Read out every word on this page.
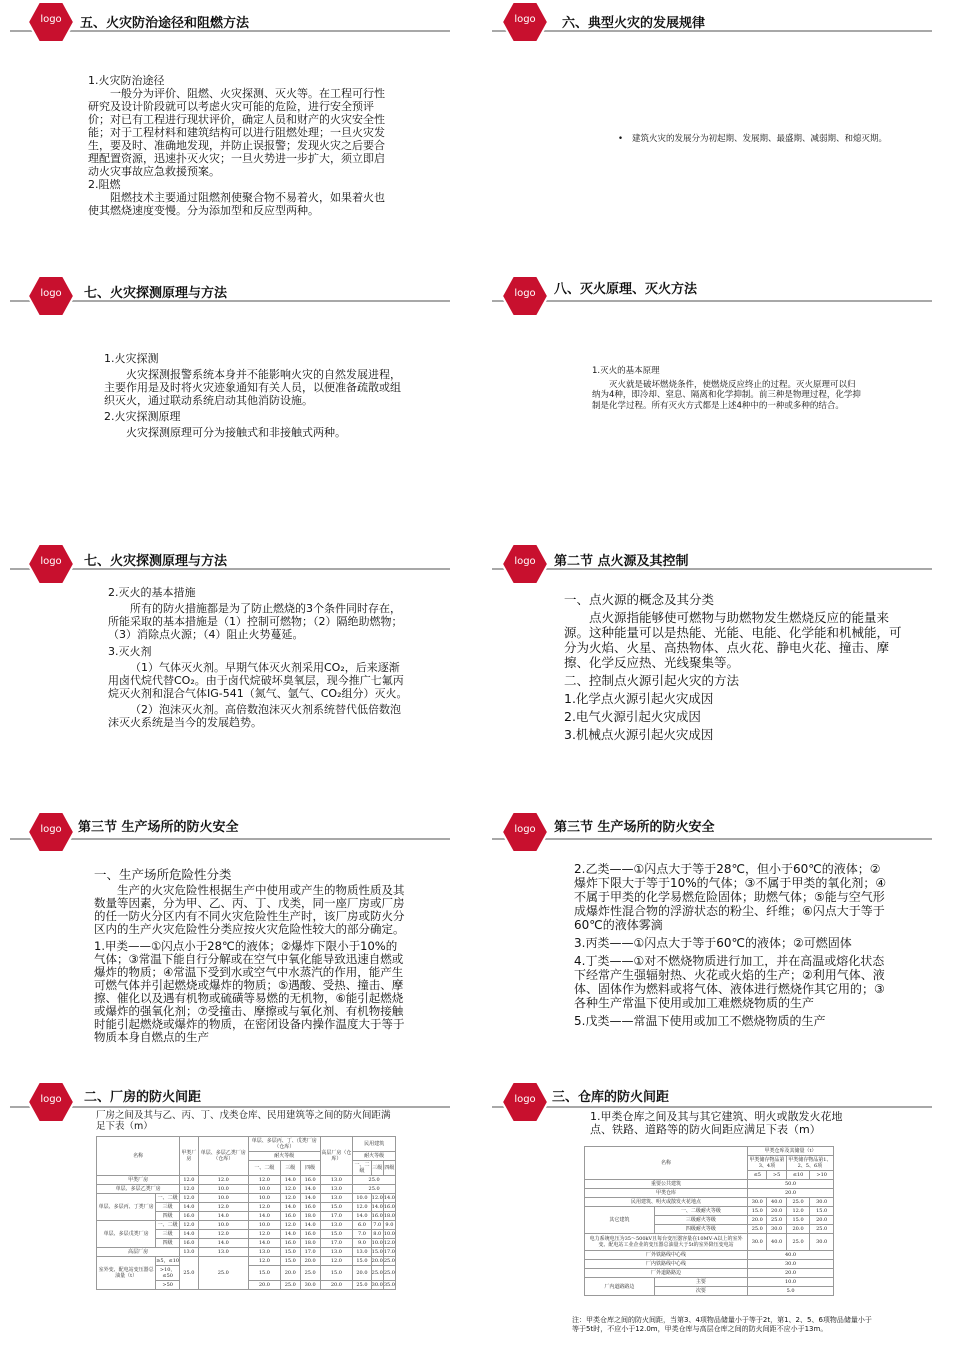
五、火灾防治途径和阻燃方法
logo

1.火灾防治途径

一般分为评价、阻燃、火灾探测、灭火等。在工程可行性研究及设计阶段就可以考虑火灾可能的危险，进行安全预评价；对已有工程进行现状评价，确定人员和财产的火灾安全性能；对于工程材料和建筑结构可以进行阻燃处理；一旦火灾发生，要及时、准确地发现，并防止误报警；发现火灾之后要合理配置资源，迅速扑灭火灾；一旦火势进一步扩大，须立即启动火灾事故应急救援预案。

2.阻燃

阻燃技术主要通过阻燃剂使聚合物不易着火，如果着火也使其燃烧速度变慢。分为添加型和反应型两种。

六、典型火灾的发展规律
logo
• 建筑火灾的发展分为初起期、发展期、最盛期、减弱期、和熄灭期。

七、火灾探测原理与方法
logo

1.火灾探测

火灾探测报警系统本身并不能影响火灾的自然发展进程，主要作用是及时将火灾迹象通知有关人员，以便准备疏散或组织灭火，通过联动系统启动其他消防设施。

2.火灾探测原理

火灾探测原理可分为接触式和非接触式两种。

八、灭火原理、灭火方法
logo

1.灭火的基本原理

灭火就是破坏燃烧条件，使燃烧反应终止的过程。灭火原理可以归纳为4种，即冷却、窒息、隔离和化学抑制。前三种是物理过程，化学抑制是化学过程。所有灭火方式都是上述4种中的一种或多种的结合。

七、火灾探测原理与方法
logo

2.灭火的基本措施

所有的防火措施都是为了防止燃烧的3个条件同时存在，所能采取的基本措施是（1）控制可燃物；（2）隔绝助燃物；（3）消除点火源；（4）阻止火势蔓延。

3.灭火剂

（1）气体灭火剂。早期气体灭火剂采用CO₂，后来逐渐用卤代烷代替CO₂。由于卤代烷破坏臭氧层，现今推广七氟丙烷灭火剂和混合气体IG-541（氮气、氩气、CO₂组分）灭火。

（2）泡沫灭火剂。高倍数泡沫灭火剂系统替代低倍数泡沫灭火系统是当今的发展趋势。

第二节 点火源及其控制
logo

一、点火源的概念及其分类

点火源指能够使可燃物与助燃物发生燃烧反应的能量来源。这种能量可以是热能、光能、电能、化学能和机械能，可分为火焰、火星、高热物体、点火花、静电火花、撞击、摩擦、化学反应热、光线聚集等。

二、控制点火源引起火灾的方法

1.化学点火源引起火灾成因

2.电气火源引起火灾成因

3.机械点火源引起火灾成因

第三节 生产场所的防火安全
logo

一、生产场所危险性分类

生产的火灾危险性根据生产中使用或产生的物质性质及其数量等因素，分为甲、乙、丙、丁、戊类，同一座厂房或厂房的任一防火分区内有不同火灾危险性生产时，该厂房或防火分区内的生产火灾危险性分类应按火灾危险性较大的部分确定。

1.甲类——①闪点小于28℃的液体；②爆炸下限小于10%的气体；③常温下能自行分解或在空气中氧化能导致迅速自燃或爆炸的物质；④常温下受到水或空气中水蒸汽的作用，能产生可燃气体并引起燃烧或爆炸的物质；⑤遇酸、受热、撞击、摩擦、催化以及遇有机物或硫磺等易燃的无机物，⑥能引起燃烧或爆炸的强氧化剂；⑦受撞击、摩擦或与氧化剂、有机物接触时能引起燃烧或爆炸的物质，在密闭设备内操作温度大于等于物质本身自燃点的生产

第三节 生产场所的防火安全
logo

2.乙类——①闪点大于等于28℃，但小于60℃的液体；②爆炸下限大于等于10%的气体；③不属于甲类的氧化剂；④不属于甲类的化学易燃危险固体；助燃气体；⑤能与空气形成爆炸性混合物的浮游状态的粉尘、纤维；⑥闪点大于等于60℃的液体雾滴

3.丙类——①闪点大于等于60℃的液体；②可燃固体

4.丁类——①对不燃烧物质进行加工，并在高温或熔化状态下经常产生强辐射热、火花或火焰的生产；②利用气体、液体、固体作为燃料或将气体、液体进行燃烧作其它用的；③各种生产常温下使用或加工难燃烧物质的生产

5.戊类——常温下使用或加工不燃烧物质的生产

二、厂房的防火间距
logo
厂房之间及其与乙、丙、丁、戊类仓库、民用建筑等之间的防火间距满足下表（m）
名称		甲类厂房	单层、多层乙类厂房（仓库）	单层、多层丙、丁、戊类厂房（仓库）			高层厂房（仓库）	民用建筑		
				耐火等级				耐火等级		
				一、二级	三级	四级		一、二级	三级	四级
甲类厂房		12.0	12.0	12.0	14.0	16.0	13.0	25.0		
单层、多层乙类厂房		12.0	10.0	10.0	12.0	14.0	13.0	25.0		
单层、多层丙、丁类厂房	一、二级	12.0	10.0	10.0	12.0	14.0	13.0	10.0	12.0	14.0
	三级	14.0	12.0	12.0	14.0	16.0	15.0	12.0	14.0	16.0
	四级	16.0	14.0	14.0	16.0	18.0	17.0	14.0	16.0	18.0
单层、多层戊类厂房	一、二级	12.0	10.0	10.0	12.0	14.0	13.0	6.0	7.0	9.0
	三级	14.0	12.0	12.0	14.0	16.0	15.0	7.0	8.0	10.0
	四级	16.0	14.0	14.0	16.0	18.0	17.0	9.0	10.0	12.0
高层厂房		13.0	13.0	13.0	15.0	17.0	13.0	13.0	15.0	17.0
室外变、配电站变压器总油量（t）	≥5，≤10	25.0	25.0	12.0	15.0	20.0	12.0	15.0	20.0	25.0
	>10，≤50			15.0	20.0	25.0	15.0	20.0	25.0	25.0
	>50			20.0	25.0	30.0	20.0	25.0	30.0	35.0
三、仓库的防火间距
logo
1.甲类仓库之间及其与其它建筑、明火或散发火花地点、铁路、道路等的防火间距应满足下表（m）
名称		甲类仓库及其储量（t）			
		甲类储存物品第3、4项		甲类储存物品第1、2、5、6项	
		≤5	>5	≤10	>10
重要公共建筑		50.0			
甲类仓库		20.0			
民用建筑、明火或散发火花地点		30.0	40.0	25.0	30.0
其它建筑	一、二级耐火等级	15.0	20.0	12.0	15.0
	三级耐火等级	20.0	25.0	15.0	20.0
	四级耐火等级	25.0	30.0	20.0	25.0
电力系统电压为35～500kV且每台变压器容量在10MV·A以上的室外变、配电站工业企业的变压器总油量大于5t的室外降压变电站		30.0	40.0	25.0	30.0
厂外铁路线中心线		40.0			
厂内铁路线中心线		30.0			
厂外道路路边		20.0			
厂内道路路边	主要	10.0			
	次要	5.0			
注：甲类仓库之间的防火间距，当第3、4项物品储量小于等于2t，第1、2、5、6项物品储量小于等于5t时，不应小于12.0m，甲类仓库与高层仓库之间的防火间距不应小于13m。
